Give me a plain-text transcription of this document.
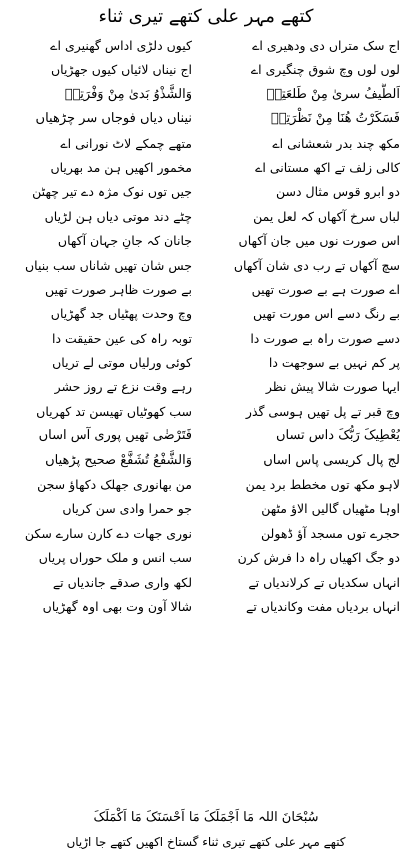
کتھے مہر علی کتھے تیری ثناء
اج سک متراں دی ودھیری اے
کیوں دلڑی اداس گھنیری اے
لوں لوں وچ شوق چنگیری اے
اج نیناں لائیاں کیوں جھڑیاں
اَلطَّیفُ سریٰ مِنْ طَلعَتِهٖ
وَالشَّذْوُ بَدیٰ مِنْ وَفْرَتِهٖ
فَسَکَرْتُ هُنَا مِنْ نَظْرَتِهٖ
نیناں دیاں فوجاں سر چڑھیاں
مکھ چند بدر شعشانی اے
متھے چمکے لاٹ نورانی اے
کالی زلف تے اکھ مستانی اے
مخمور اکھیں ہن مد بھریاں
دو ابرو قوس مثال دسن
جیں توں نوک مژہ دے تیر چھٹن
لباں سرخ آکھاں کہ لعل یمن
چٹے دند موتی دیاں ہن لڑیاں
اس صورت نوں میں جان آکھاں
جانان کہ جانِ جہان آکھاں
سچ آکھاں تے رب دی شان آکھاں
جس شان تھیں شاناں سب بنیاں
اے صورت ہے بے صورت تھیں
بے صورت ظاہر صورت تھیں
بے رنگ دسے اس مورت تھیں
وچ وحدت پھٹیاں جد گھڑیاں
دسے صورت راہ بے صورت دا
توبہ راہ کی عین حقیقت دا
پر کم نہیں بے سوجھت دا
کوئی ورلیاں موتی لے تریاں
ایہا صورت شالا پیش نظر
رہے وقت نزع تے روز حشر
وچ قبر تے پل تھیں ہوسی گذر
سب کھوٹیاں تھیسن تد کھریاں
یُعْطِیکَ رَبُّکَ داس تساں
فَتَرْضٰی تھیں پوری آس اساں
لج پال کریسی پاس اساں
وَالشَّفْعُ تُشَفَّعْ صحیح پڑھیاں
لاہو مکھ توں مخطط برد یمن
من بھانوری جھلک دکھاؤ سجن
اوہا مٹھیاں گالیں الاؤ مٹھن
جو حمرا وادی سن کریاں
حجرے توں مسجد آؤ ڈھولن
نوری جھات دے کارن سارے سکن
دو جگ اکھیاں راہ دا فرش کرن
سب انس و ملک حوراں پریاں
انہاں سکدیاں تے کرلاندیاں تے
لکھ واری صدقے جاندیاں تے
انہاں بردیاں مفت وکاندیاں تے
شالا آون وت بھی اوہ گھڑیاں
سُبْحَانَ اللہ مَا اَجْمَلَکَ مَا اَحْسَنَکَ مَا اَکْمَلَکَ
کتھے مہر علی کتھے تیری ثناء گستاخ اکھیں کتھے جا اڑیاں
